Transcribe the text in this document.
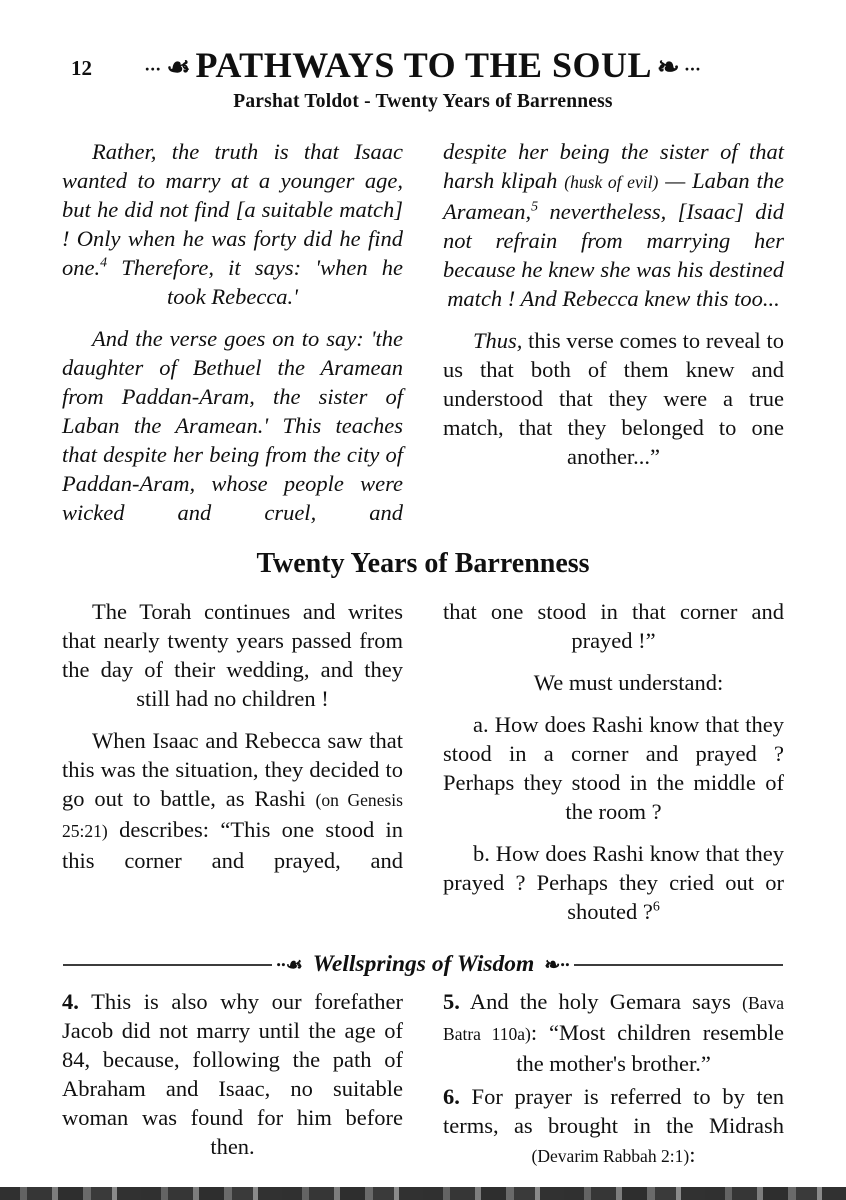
12	∙∙∙ ☙ PATHWAYS TO THE SOUL ❧ ∙∙∙
Parshat Toldot - Twenty Years of Barrenness

Rather, the truth is that Isaac wanted to marry at a younger age, but he did not find [a suitable match] ! Only when he was forty did he find one.$^4$ Therefore, it says: 'when he took Rebecca.'

And the verse goes on to say: 'the daughter of Bethuel the Aramean from Paddan-Aram, the sister of Laban the Aramean.' This teaches that despite her being from the city of Paddan-Aram, whose people were wicked and cruel, and

despite her being the sister of that harsh klipah (husk of evil) — Laban the Aramean,$^5$ nevertheless, [Isaac] did not refrain from marrying her because he knew she was his destined match ! And Rebecca knew this too...

Thus, this verse comes to reveal to us that both of them knew and understood that they were a true match, that they belonged to one another...”

Twenty Years of Barrenness

The Torah continues and writes that nearly twenty years passed from the day of their wedding, and they still had no children !

When Isaac and Rebecca saw that this was the situation, they decided to go out to battle, as Rashi (on Genesis 25:21) describes: “This one stood in this corner and prayed, and

that one stood in that corner and prayed !”

We must understand:

a. How does Rashi know that they stood in a corner and prayed ? Perhaps they stood in the middle of the room ?

b. How does Rashi know that they prayed ? Perhaps they cried out or shouted ?$^6$

∙∙☙ Wellsprings of Wisdom ❧∙∙

4. This is also why our forefather Jacob did not marry until the age of 84, because, following the path of Abraham and Isaac, no suitable woman was found for him before then.

5. And the holy Gemara says (Bava Batra 110a): “Most children resemble the mother's brother.”

6. For prayer is referred to by ten terms, as brought in the Midrash (Devarim Rabbah 2:1):
